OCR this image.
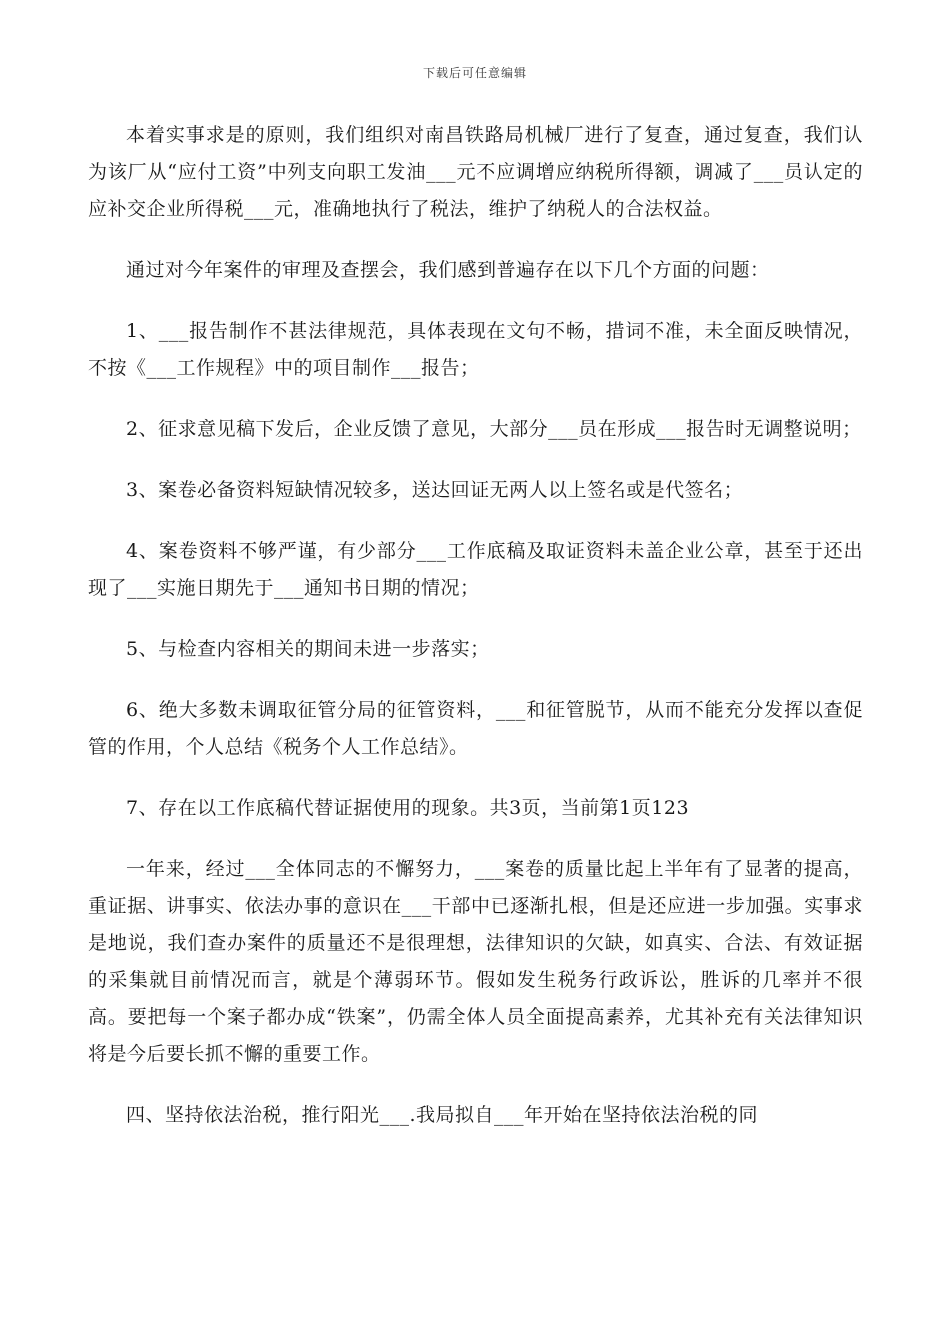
下载后可任意编辑

本着实事求是的原则，我们组织对南昌铁路局机械厂进行了复查，通过复查，我们认为该厂从“应付工资”中列支向职工发油___元不应调增应纳税所得额，调减了___员认定的应补交企业所得税___元，准确地执行了税法，维护了纳税人的合法权益。

通过对今年案件的审理及查摆会，我们感到普遍存在以下几个方面的问题：

1、___报告制作不甚法律规范，具体表现在文句不畅，措词不准，未全面反映情况，不按《___工作规程》中的项目制作___报告；

2、征求意见稿下发后，企业反馈了意见，大部分___员在形成___报告时无调整说明；

3、案卷必备资料短缺情况较多，送达回证无两人以上签名或是代签名；

4、案卷资料不够严谨，有少部分___工作底稿及取证资料未盖企业公章，甚至于还出现了___实施日期先于___通知书日期的情况；

5、与检查内容相关的期间未进一步落实；

6、绝大多数未调取征管分局的征管资料，___和征管脱节，从而不能充分发挥以查促管的作用，个人总结《税务个人工作总结》。

7、存在以工作底稿代替证据使用的现象。共3页，当前第1页123

一年来，经过___全体同志的不懈努力，___案卷的质量比起上半年有了显著的提高，重证据、讲事实、依法办事的意识在___干部中已逐渐扎根，但是还应进一步加强。实事求是地说，我们查办案件的质量还不是很理想，法律知识的欠缺，如真实、合法、有效证据的采集就目前情况而言，就是个薄弱环节。假如发生税务行政诉讼，胜诉的几率并不很高。要把每一个案子都办成“铁案”，仍需全体人员全面提高素养，尤其补充有关法律知识将是今后要长抓不懈的重要工作。

四、坚持依法治税，推行阳光___.我局拟自___年开始在坚持依法治税的同
